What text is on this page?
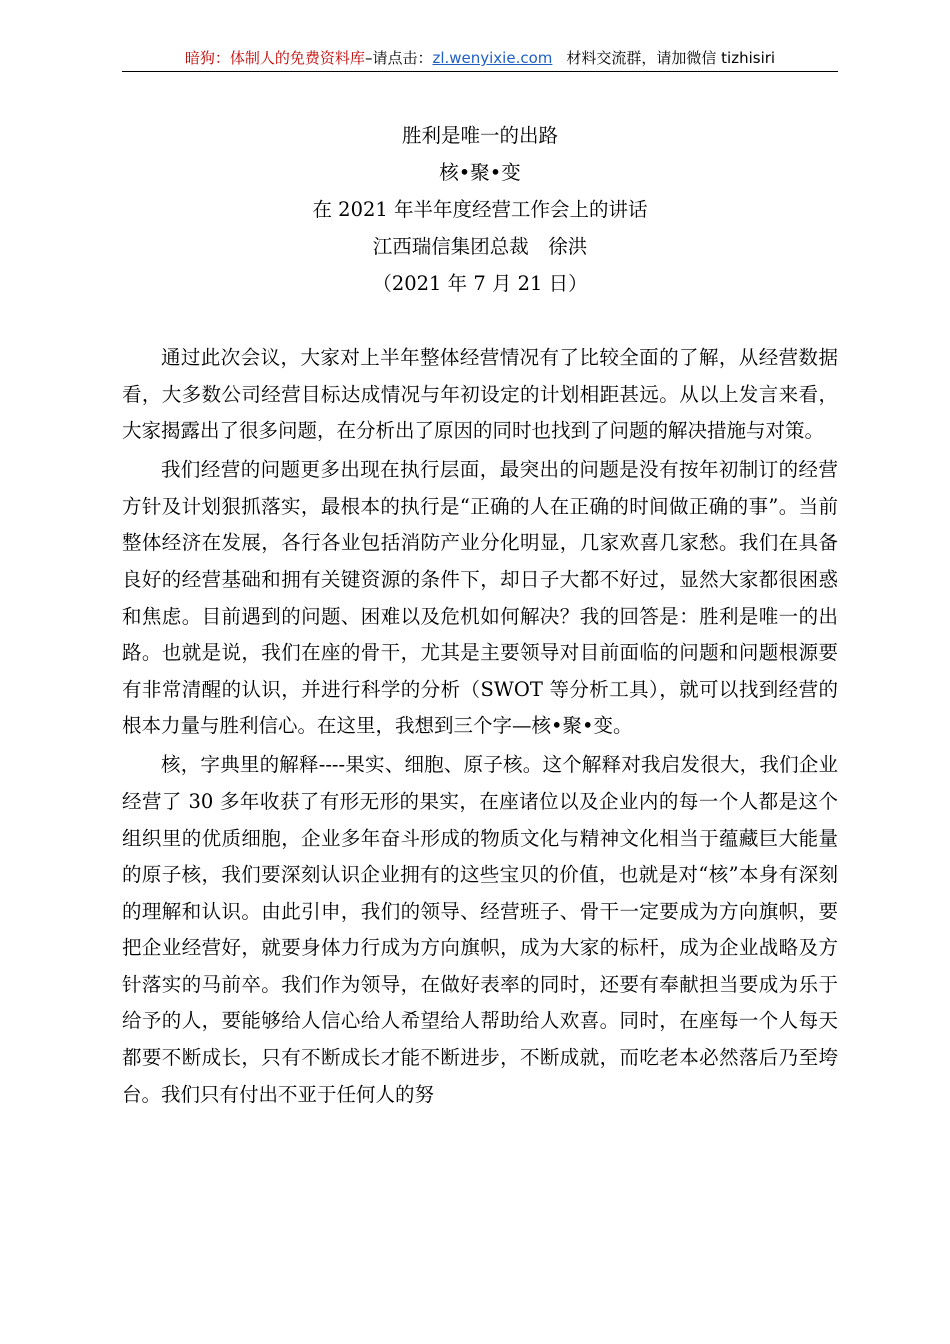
暗狗：体制人的免费资料库–请点击：zl.wenyixie.com 材料交流群，请加微信 tizhisiri
胜利是唯一的出路
核•聚•变
在 2021 年半年度经营工作会上的讲话
江西瑞信集团总裁　徐洪
（2021 年 7 月 21 日）

通过此次会议，大家对上半年整体经营情况有了比较全面的了解，从经营数据看，大多数公司经营目标达成情况与年初设定的计划相距甚远。从以上发言来看，大家揭露出了很多问题，在分析出了原因的同时也找到了问题的解决措施与对策。

我们经营的问题更多出现在执行层面，最突出的问题是没有按年初制订的经营方针及计划狠抓落实，最根本的执行是“正确的人在正确的时间做正确的事”。当前整体经济在发展，各行各业包括消防产业分化明显，几家欢喜几家愁。我们在具备良好的经营基础和拥有关键资源的条件下，却日子大都不好过，显然大家都很困惑和焦虑。目前遇到的问题、困难以及危机如何解决？我的回答是：胜利是唯一的出路。也就是说，我们在座的骨干，尤其是主要领导对目前面临的问题和问题根源要有非常清醒的认识，并进行科学的分析（SWOT 等分析工具），就可以找到经营的根本力量与胜利信心。在这里，我想到三个字—核•聚•变。

核，字典里的解释----果实、细胞、原子核。这个解释对我启发很大，我们企业经营了 30 多年收获了有形无形的果实，在座诸位以及企业内的每一个人都是这个组织里的优质细胞，企业多年奋斗形成的物质文化与精神文化相当于蕴藏巨大能量的原子核，我们要深刻认识企业拥有的这些宝贝的价值，也就是对“核”本身有深刻的理解和认识。由此引申，我们的领导、经营班子、骨干一定要成为方向旗帜，要把企业经营好，就要身体力行成为方向旗帜，成为大家的标杆，成为企业战略及方针落实的马前卒。我们作为领导，在做好表率的同时，还要有奉献担当要成为乐于给予的人，要能够给人信心给人希望给人帮助给人欢喜。同时，在座每一个人每天都要不断成长，只有不断成长才能不断进步，不断成就，而吃老本必然落后乃至垮台。我们只有付出不亚于任何人的努
